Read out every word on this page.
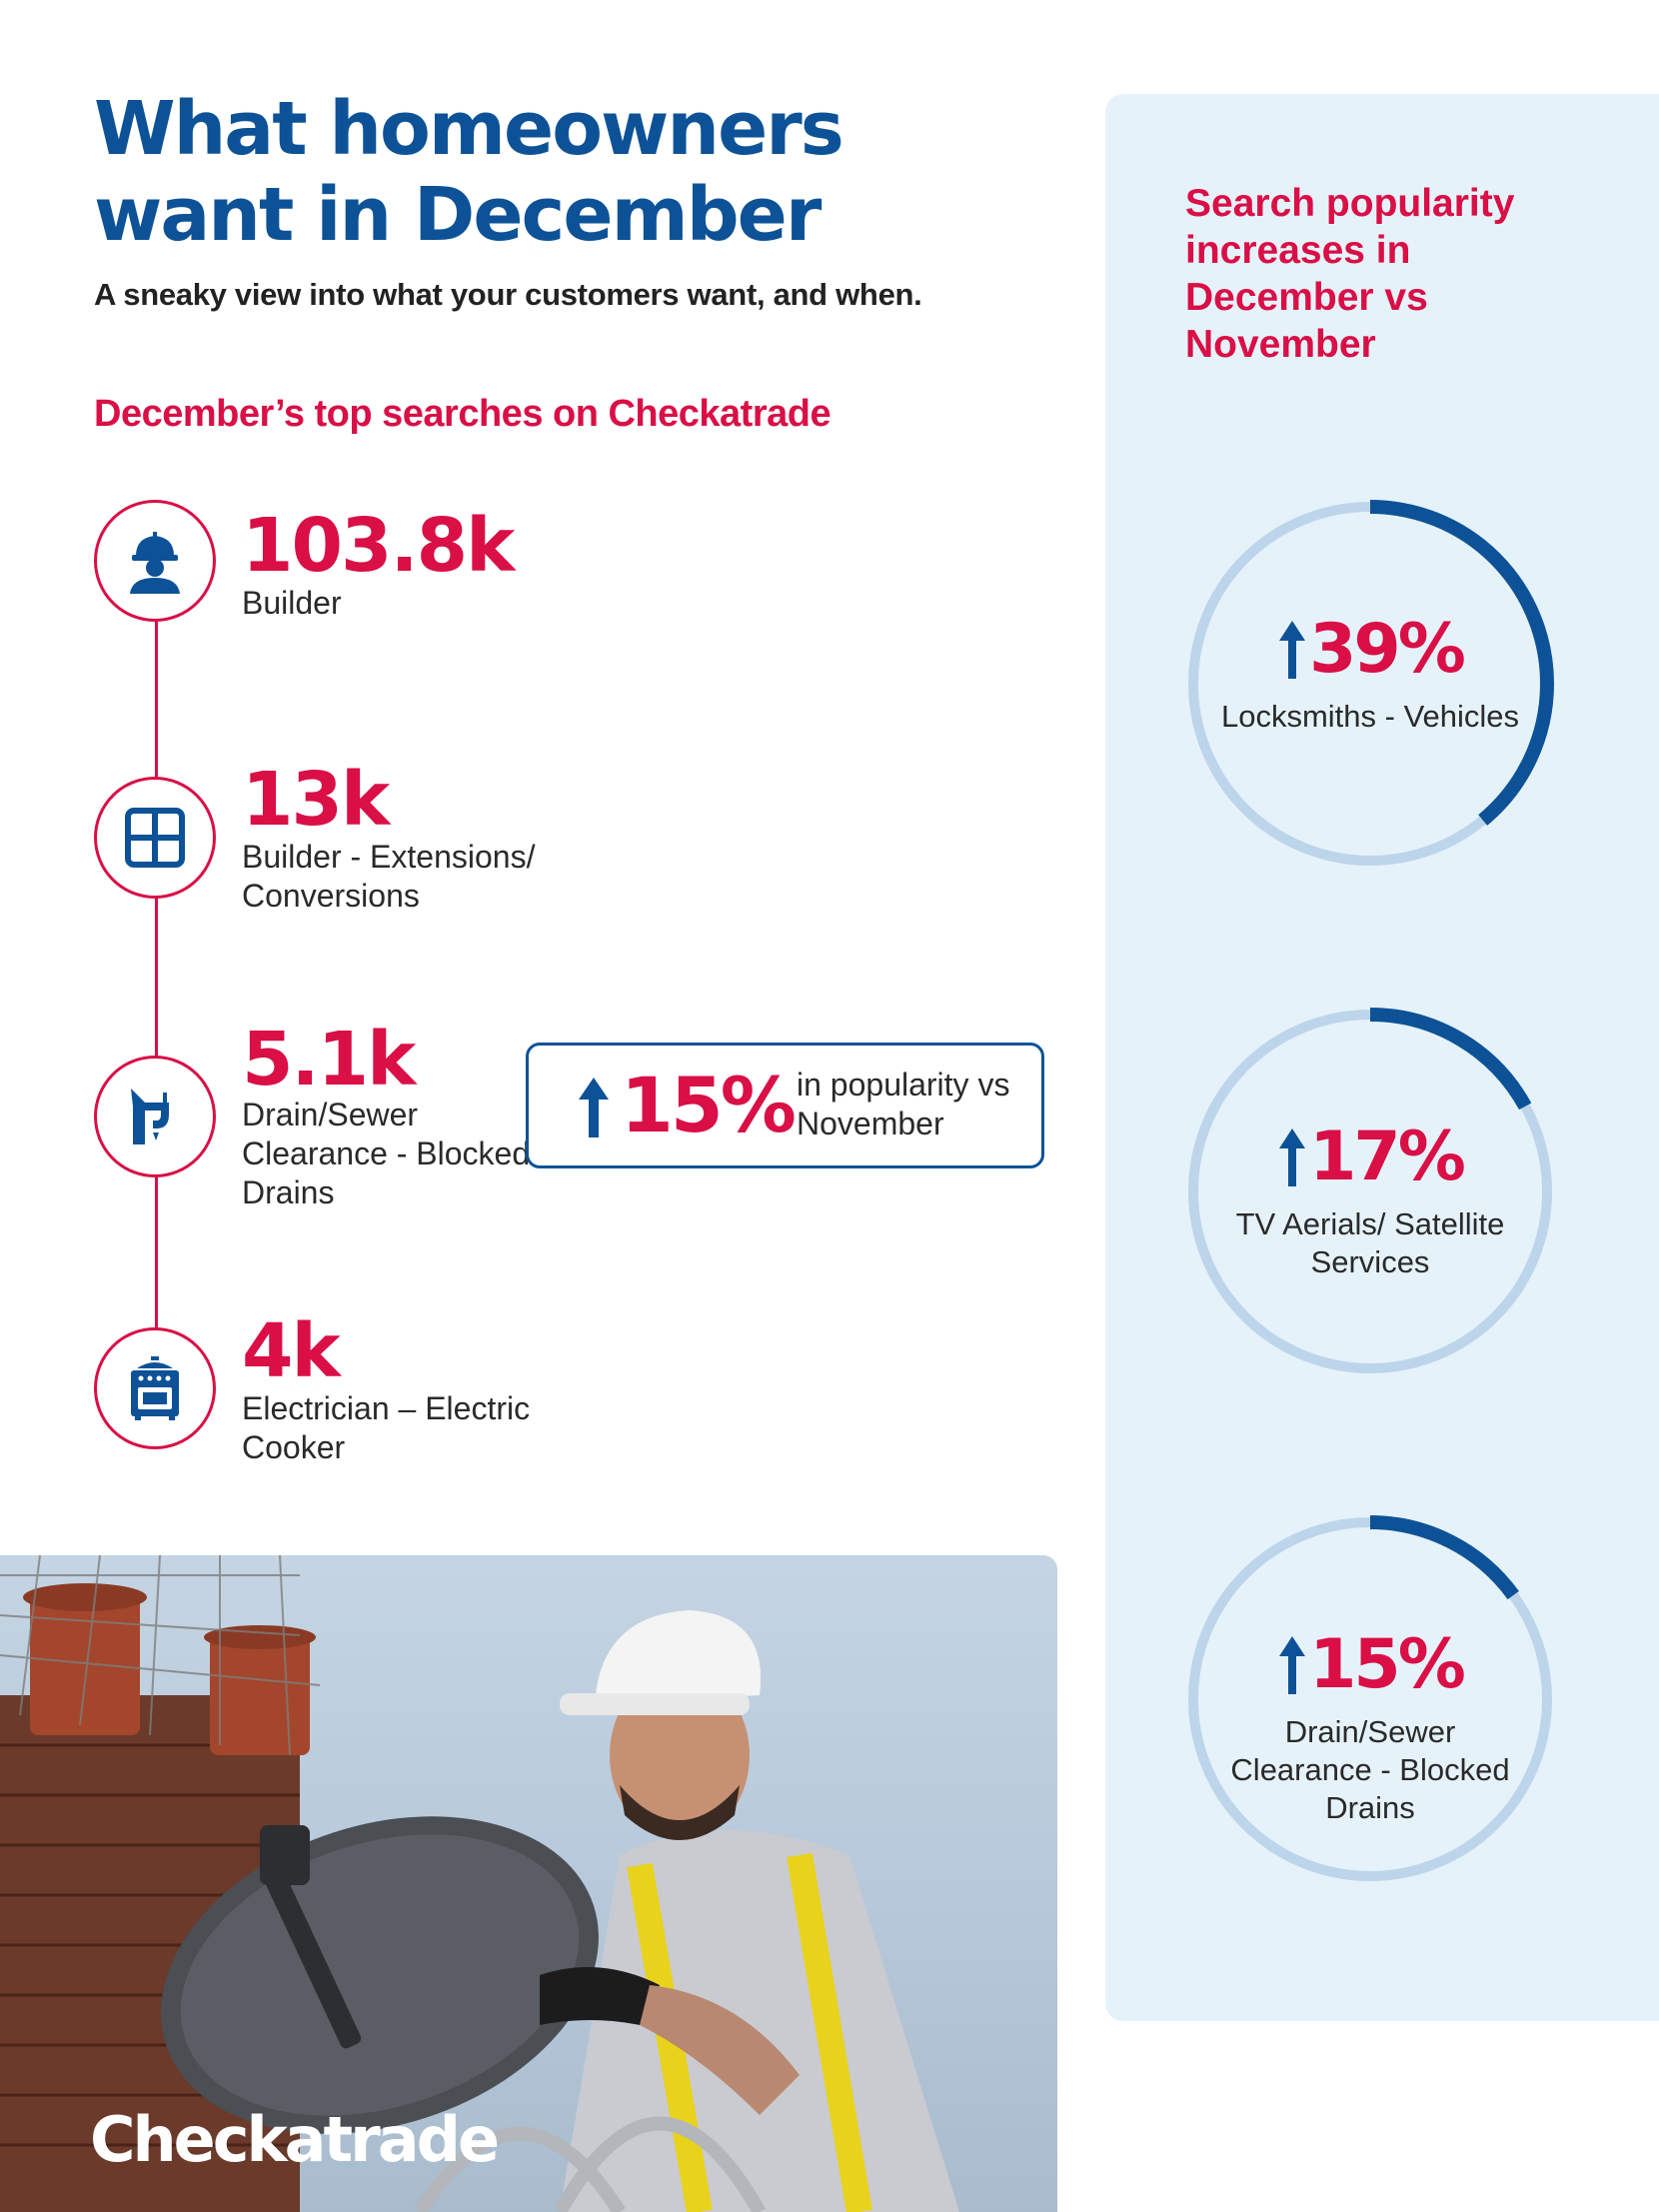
What homeowners
want in December
A sneaky view into what your customers want, and when.
December’s top searches on Checkatrade
103.8k
Builder
13k
Builder - Extensions/ Conversions
5.1k
Drain/Sewer Clearance - Blocked Drains
4k
Electrician – Electric Cooker
15% in popularity vs November
Search popularity increases in December vs November
39%
Locksmiths - Vehicles
17%
TV Aerials/ Satellite Services
15%
Drain/Sewer Clearance - Blocked Drains
Checkatrade
